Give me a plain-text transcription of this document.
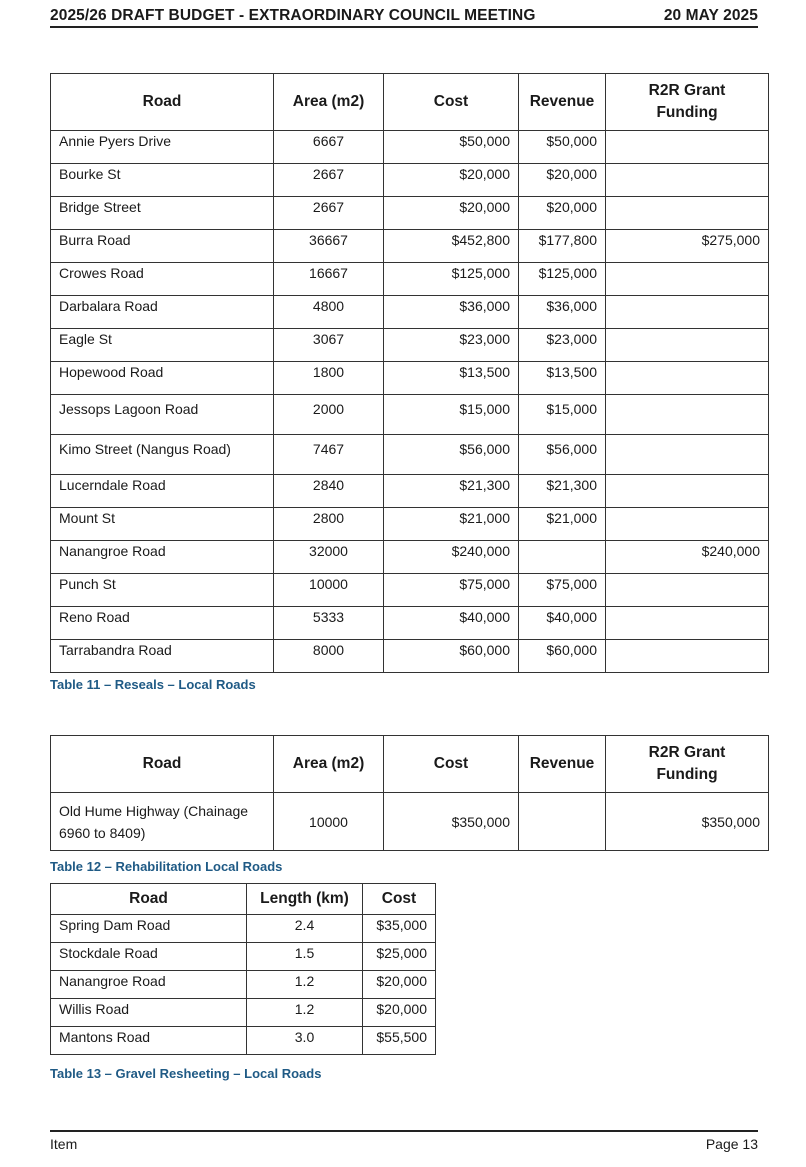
2025/26 DRAFT BUDGET - EXTRAORDINARY COUNCIL MEETING	20 MAY 2025
Road	Area (m2)	Cost	Revenue	R2R Grant
Funding
Annie Pyers Drive	6667	$50,000	$50,000	
Bourke St	2667	$20,000	$20,000	
Bridge Street	2667	$20,000	$20,000	
Burra Road	36667	$452,800	$177,800	$275,000
Crowes Road	16667	$125,000	$125,000	
Darbalara Road	4800	$36,000	$36,000	
Eagle St	3067	$23,000	$23,000	
Hopewood Road	1800	$13,500	$13,500	
Jessops Lagoon Road	2000	$15,000	$15,000	
Kimo Street (Nangus Road)	7467	$56,000	$56,000	
Lucerndale Road	2840	$21,300	$21,300	
Mount St	2800	$21,000	$21,000	
Nanangroe Road	32000	$240,000		$240,000
Punch St	10000	$75,000	$75,000	
Reno Road	5333	$40,000	$40,000	
Tarrabandra Road	8000	$60,000	$60,000	
Table 11 – Reseals – Local Roads
Road	Area (m2)	Cost	Revenue	R2R Grant
Funding
Old Hume Highway (Chainage
6960 to 8409)	10000	$350,000		$350,000
Table 12 – Rehabilitation Local Roads
Road	Length (km)	Cost
Spring Dam Road	2.4	$35,000
Stockdale Road	1.5	$25,000
Nanangroe Road	1.2	$20,000
Willis Road	1.2	$20,000
Mantons Road	3.0	$55,500
Table 13 – Gravel Resheeting – Local Roads
Item	Page 13
